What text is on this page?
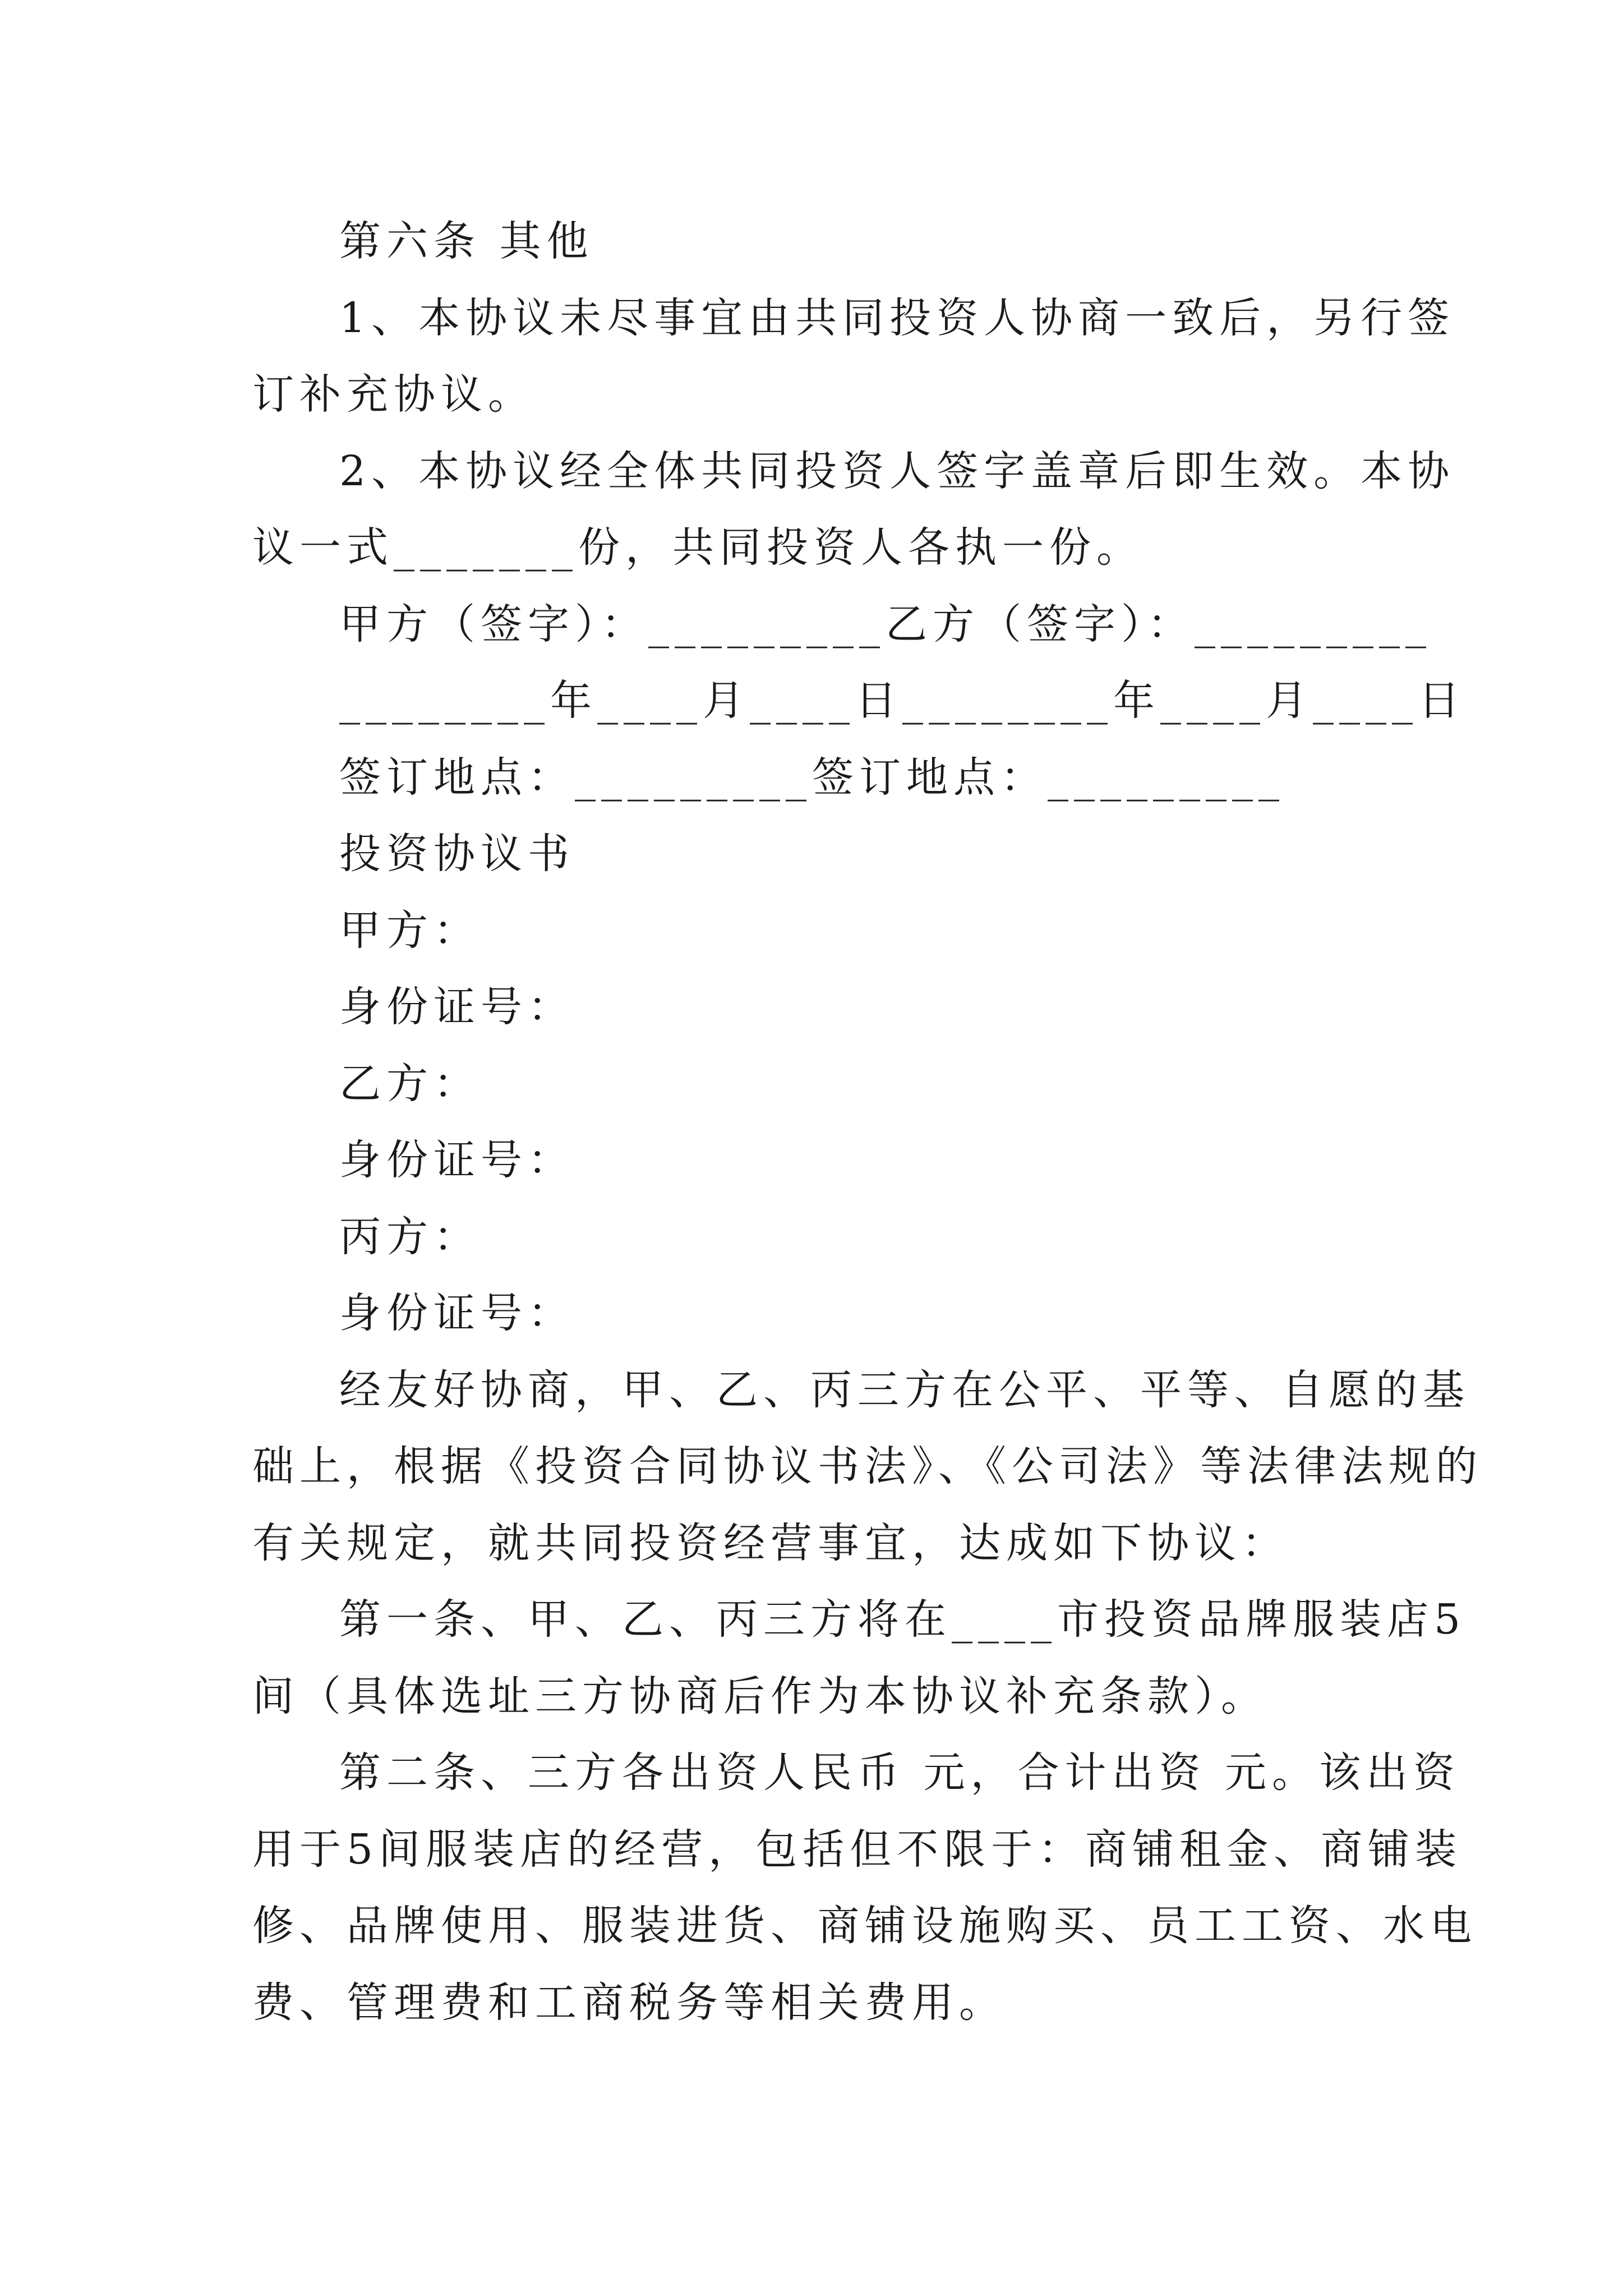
第六条 其他
1、本协议未尽事宜由共同投资人协商一致后，另行签
订补充协议。
2、本协议经全体共同投资人签字盖章后即生效。本协
议一式_______份，共同投资人各执一份。
甲方（签字）：_________乙方（签字）：_________
________年____月____日________年____月____日
签订地点：_________签订地点：_________
投资协议书
甲方：
身份证号：
乙方：
身份证号：
丙方：
身份证号：
经友好协商，甲、乙、丙三方在公平、平等、自愿的基
础上，根据《投资合同协议书法》、《公司法》等法律法规的
有关规定，就共同投资经营事宜，达成如下协议：
第一条、甲、乙、丙三方将在____市投资品牌服装店5
间（具体选址三方协商后作为本协议补充条款）。
第二条、三方各出资人民币 元，合计出资 元。该出资
用于5间服装店的经营，包括但不限于：商铺租金、商铺装
修、品牌使用、服装进货、商铺设施购买、员工工资、水电
费、管理费和工商税务等相关费用。
